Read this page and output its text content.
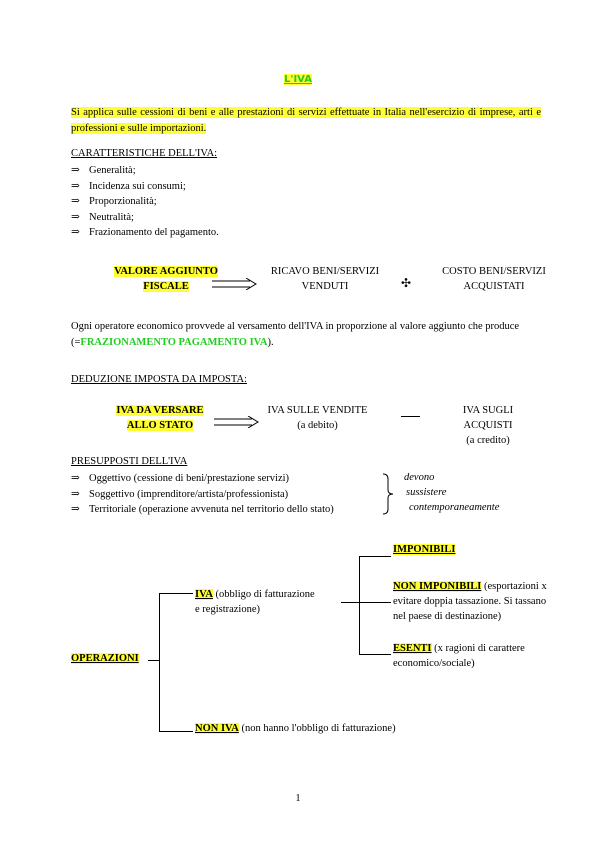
L'IVA
Si applica sulle cessioni di beni e alle prestazioni di servizi effettuate in Italia nell'esercizio di imprese, arti e professioni e sulle importazioni.
CARATTERISTICHE DELL'IVA:
⇒ Generalità;
⇒ Incidenza sui consumi;
⇒ Proporzionalità;
⇒ Neutralità;
⇒ Frazionamento del pagamento.
VALORE AGGIUNTO
FISCALE
RICAVO BENI/SERVIZI
VENDUTI	✣
COSTO BENI/SERVIZI
ACQUISTATI
Ogni operatore economico provvede al versamento dell'IVA in proporzione al valore aggiunto che produce (=FRAZIONAMENTO PAGAMENTO IVA).
DEDUZIONE IMPOSTA DA IMPOSTA:
IVA DA VERSARE
ALLO STATO
IVA SULLE VENDITE
(a debito)
IVA SUGLI
ACQUISTI
(a credito)
PRESUPPOSTI DELL'IVA
⇒ Oggettivo (cessione di beni/prestazione servizi)
⇒ Soggettivo (imprenditore/artista/professionista)
⇒ Territoriale (operazione avvenuta nel territorio dello stato)
devono
sussistere
contemporaneamente
OPERAZIONI
IVA (obbligo di fatturazione
e registrazione)
NON IVA (non hanno l'obbligo di fatturazione)
IMPONIBILI
NON IMPONIBILI (esportazioni x
evitare doppia tassazione. Si tassano
nel paese di destinazione)
ESENTI (x ragioni di carattere
economico/sociale)
1
